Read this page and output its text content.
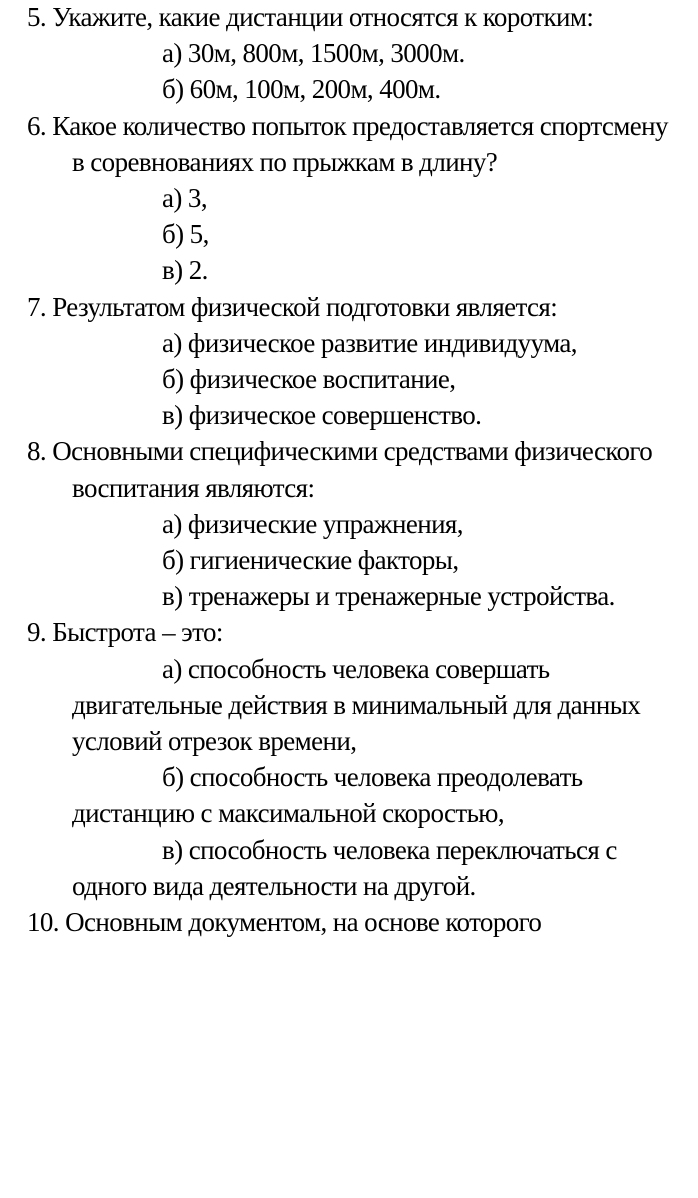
5. Укажите, какие дистанции относятся к коротким:

а) 30м, 800м, 1500м, 3000м.

б) 60м, 100м, 200м, 400м.

6. Какое количество попыток предоставляется спортсмену в соревнованиях по прыжкам в длину?

а) 3,

б) 5,

в) 2.

7. Результатом физической подготовки является:

а) физическое развитие индивидуума,

б) физическое воспитание,

в) физическое совершенство.

8. Основными специфическими средствами физического воспитания являются:

а) физические упражнения,

б) гигиенические факторы,

в) тренажеры и тренажерные устройства.

9. Быстрота – это:

а) способность человека совершать двигательные действия в минимальный для данных условий отрезок времени,

б) способность человека преодолевать дистанцию с максимальной скоростью,

в) способность человека переключаться с одного вида деятельности на другой.

10. Основным документом, на основе которого
